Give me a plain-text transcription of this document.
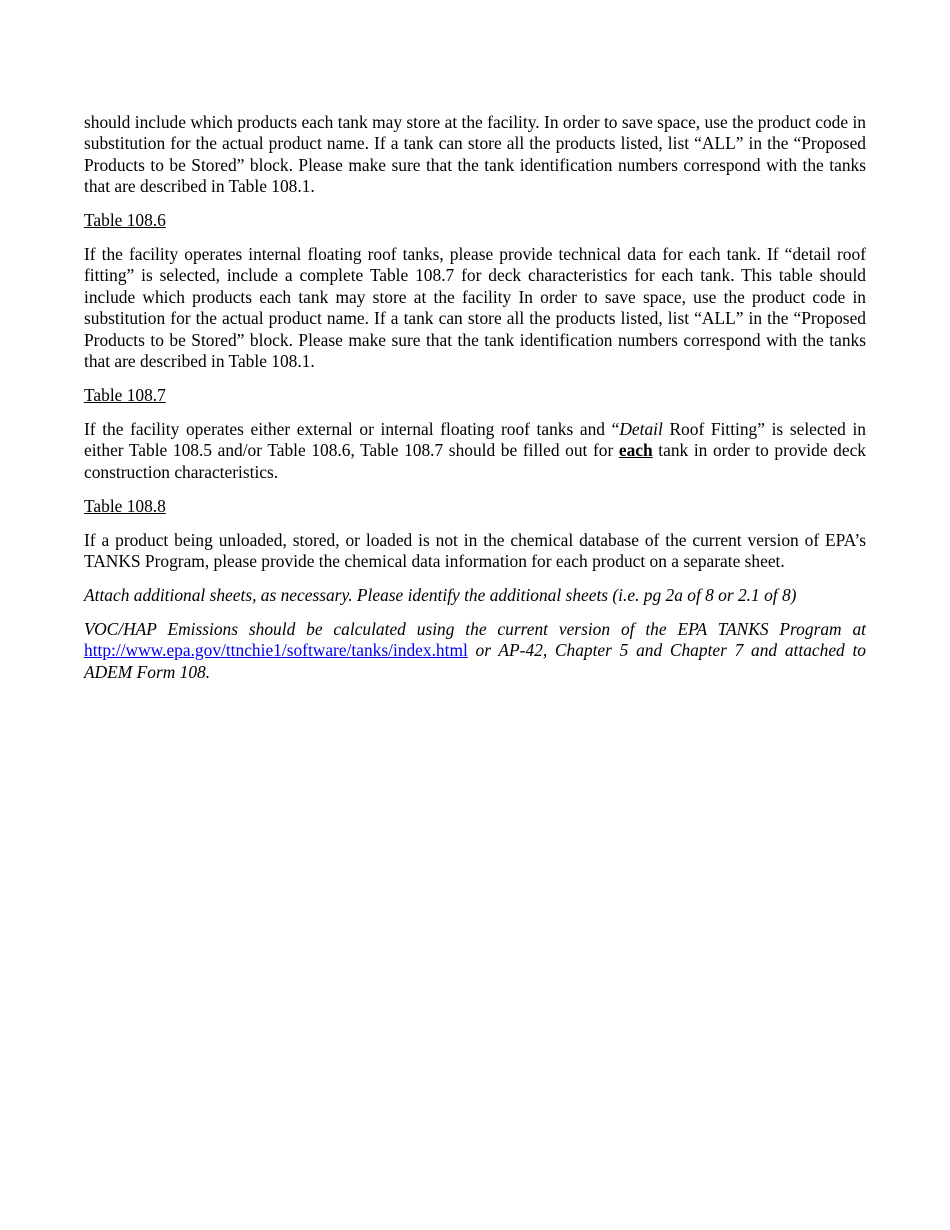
should include which products each tank may store at the facility. In order to save space, use the product code in substitution for the actual product name. If a tank can store all the products listed, list “ALL” in the “Proposed Products to be Stored” block. Please make sure that the tank identification numbers correspond with the tanks that are described in Table 108.1.

Table 108.6

If the facility operates internal floating roof tanks, please provide technical data for each tank. If “detail roof fitting” is selected, include a complete Table 108.7 for deck characteristics for each tank. This table should include which products each tank may store at the facility In order to save space, use the product code in substitution for the actual product name. If a tank can store all the products listed, list “ALL” in the “Proposed Products to be Stored” block. Please make sure that the tank identification numbers correspond with the tanks that are described in Table 108.1.

Table 108.7

If the facility operates either external or internal floating roof tanks and “Detail Roof Fitting” is selected in either Table 108.5 and/or Table 108.6, Table 108.7 should be filled out for each tank in order to provide deck construction characteristics.

Table 108.8

If a product being unloaded, stored, or loaded is not in the chemical database of the current version of EPA’s TANKS Program, please provide the chemical data information for each product on a separate sheet.

Attach additional sheets, as necessary. Please identify the additional sheets (i.e. pg 2a of 8 or 2.1 of 8)

VOC/HAP Emissions should be calculated using the current version of the EPA TANKS Program at http://www.epa.gov/ttnchie1/software/tanks/index.html or AP-42, Chapter 5 and Chapter 7 and attached to ADEM Form 108.
